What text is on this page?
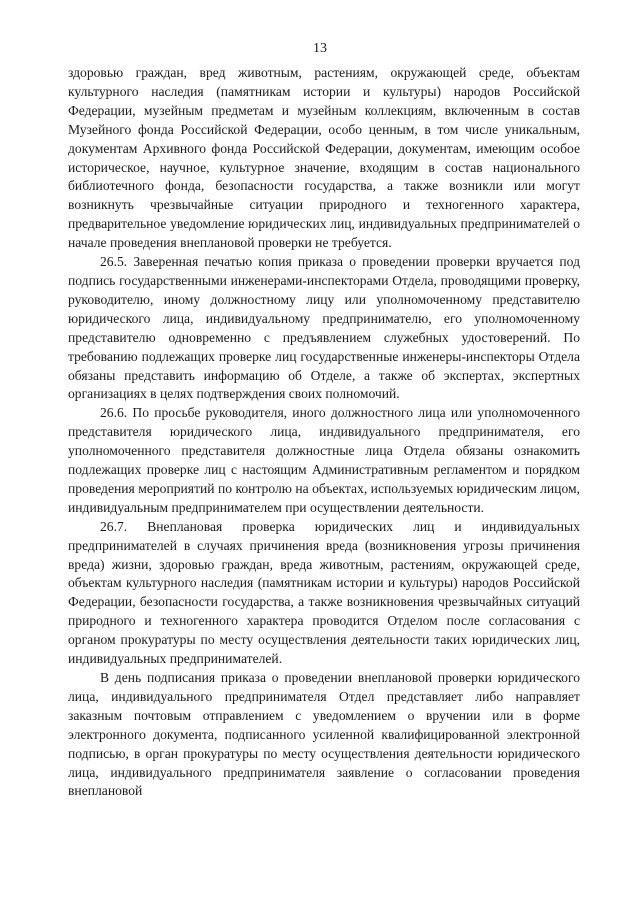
13

здоровью граждан, вред животным, растениям, окружающей среде, объектам культурного наследия (памятникам истории и культуры) народов Российской Федерации, музейным предметам и музейным коллекциям, включенным в состав Музейного фонда Российской Федерации, особо ценным, в том числе уникальным, документам Архивного фонда Российской Федерации, документам, имеющим особое историческое, научное, культурное значение, входящим в состав национального библиотечного фонда, безопасности государства, а также возникли или могут возникнуть чрезвычайные ситуации природного и техногенного характера, предварительное уведомление юридических лиц, индивидуальных предпринимателей о начале проведения внеплановой проверки не требуется.

26.5. Заверенная печатью копия приказа о проведении проверки вручается под подпись государственными инженерами-инспекторами Отдела, проводящими проверку, руководителю, иному должностному лицу или уполномоченному представителю юридического лица, индивидуальному предпринимателю, его уполномоченному представителю одновременно с предъявлением служебных удостоверений. По требованию подлежащих проверке лиц государственные инженеры-инспекторы Отдела обязаны представить информацию об Отделе, а также об экспертах, экспертных организациях в целях подтверждения своих полномочий.

26.6. По просьбе руководителя, иного должностного лица или уполномоченного представителя юридического лица, индивидуального предпринимателя, его уполномоченного представителя должностные лица Отдела обязаны ознакомить подлежащих проверке лиц с настоящим Административным регламентом и порядком проведения мероприятий по контролю на объектах, используемых юридическим лицом, индивидуальным предпринимателем при осуществлении деятельности.

26.7. Внеплановая проверка юридических лиц и индивидуальных предпринимателей в случаях причинения вреда (возникновения угрозы причинения вреда) жизни, здоровью граждан, вреда животным, растениям, окружающей среде, объектам культурного наследия (памятникам истории и культуры) народов Российской Федерации, безопасности государства, а также возникновения чрезвычайных ситуаций природного и техногенного характера проводится Отделом после согласования с органом прокуратуры по месту осуществления деятельности таких юридических лиц, индивидуальных предпринимателей.

В день подписания приказа о проведении внеплановой проверки юридического лица, индивидуального предпринимателя Отдел представляет либо направляет заказным почтовым отправлением с уведомлением о вручении или в форме электронного документа, подписанного усиленной квалифицированной электронной подписью, в орган прокуратуры по месту осуществления деятельности юридического лица, индивидуального предпринимателя заявление о согласовании проведения внеплановой
